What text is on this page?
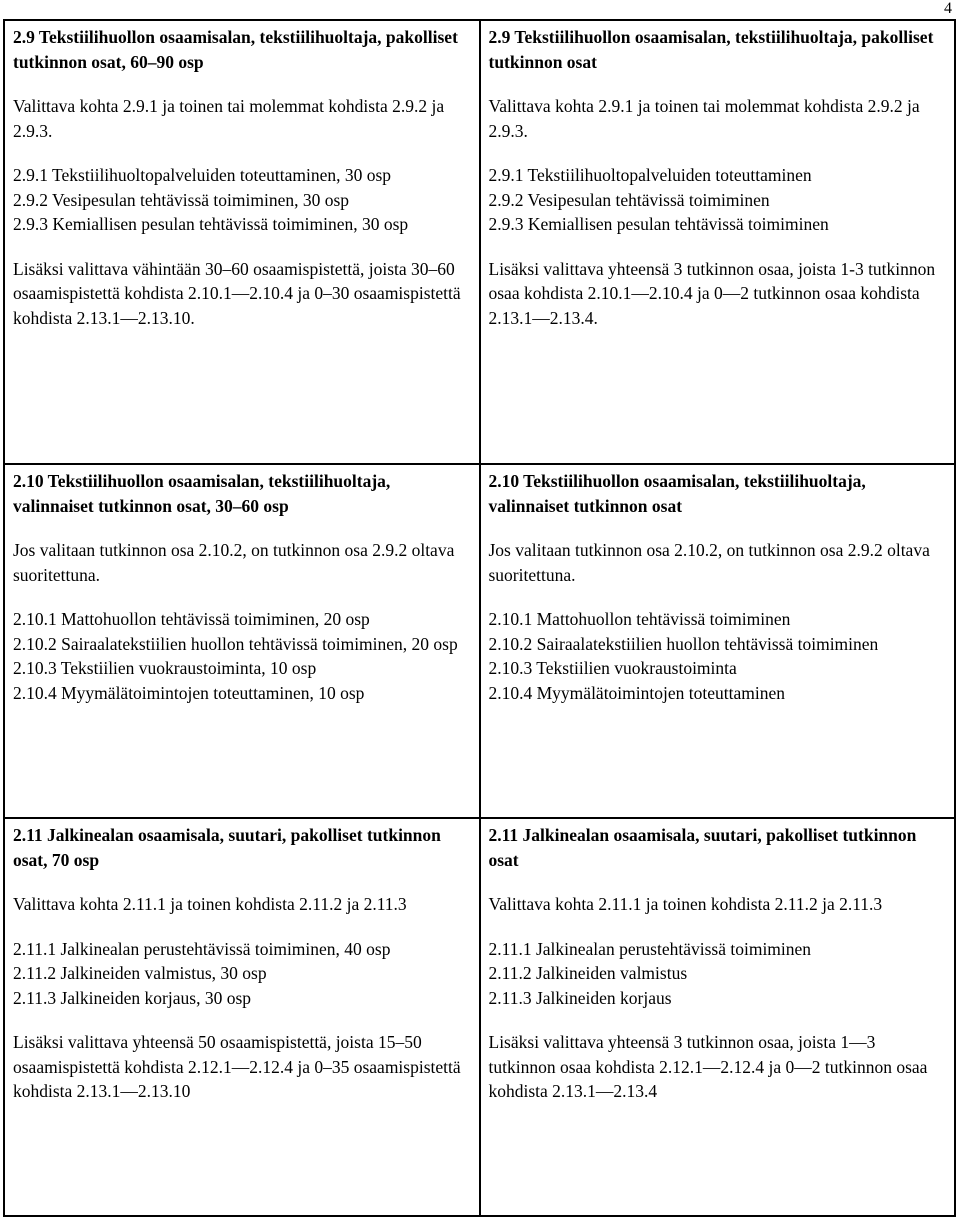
4
2.9 Tekstiilihuollon osaamisalan, tekstiilihuoltaja, pakolliset tutkinnon osat, 60–90 osp
Valittava kohta 2.9.1 ja toinen tai molemmat kohdista 2.9.2 ja 2.9.3.
2.9.1 Tekstiilihuoltopalveluiden toteuttaminen, 30 osp
2.9.2 Vesipesulan tehtävissä toimiminen, 30 osp
2.9.3 Kemiallisen pesulan tehtävissä toimiminen, 30 osp
Lisäksi valittava vähintään 30–60 osaamispistettä, joista 30–60 osaamispistettä kohdista 2.10.1—2.10.4 ja 0–30 osaamispistettä kohdista 2.13.1—2.13.10.
2.9 Tekstiilihuollon osaamisalan, tekstiilihuoltaja, pakolliset tutkinnon osat
Valittava kohta 2.9.1 ja toinen tai molemmat kohdista 2.9.2 ja 2.9.3.
2.9.1 Tekstiilihuoltopalveluiden toteuttaminen
2.9.2 Vesipesulan tehtävissä toimiminen
2.9.3 Kemiallisen pesulan tehtävissä toimiminen
Lisäksi valittava yhteensä 3 tutkinnon osaa, joista 1-3 tutkinnon osaa kohdista 2.10.1—2.10.4 ja 0—2 tutkinnon osaa kohdista 2.13.1—2.13.4.
2.10 Tekstiilihuollon osaamisalan, tekstiilihuoltaja, valinnaiset tutkinnon osat, 30–60 osp
Jos valitaan tutkinnon osa 2.10.2, on tutkinnon osa 2.9.2 oltava suoritettuna.
2.10.1 Mattohuollon tehtävissä toimiminen, 20 osp
2.10.2 Sairaalatekstiilien huollon tehtävissä toimiminen, 20 osp
2.10.3 Tekstiilien vuokraustoiminta, 10 osp
2.10.4 Myymälätoimintojen toteuttaminen, 10 osp
2.10 Tekstiilihuollon osaamisalan, tekstiilihuoltaja, valinnaiset tutkinnon osat
Jos valitaan tutkinnon osa 2.10.2, on tutkinnon osa 2.9.2 oltava suoritettuna.
2.10.1 Mattohuollon tehtävissä toimiminen
2.10.2 Sairaalatekstiilien huollon tehtävissä toimiminen
2.10.3 Tekstiilien vuokraustoiminta
2.10.4 Myymälätoimintojen toteuttaminen
2.11 Jalkinealan osaamisala, suutari, pakolliset tutkinnon osat, 70 osp
Valittava kohta 2.11.1 ja toinen kohdista 2.11.2 ja 2.11.3
2.11.1 Jalkinealan perustehtävissä toimiminen, 40 osp
2.11.2 Jalkineiden valmistus, 30 osp
2.11.3 Jalkineiden korjaus, 30 osp
Lisäksi valittava yhteensä 50 osaamispistettä, joista 15–50 osaamispistettä kohdista 2.12.1—2.12.4 ja 0–35 osaamispistettä kohdista 2.13.1—2.13.10
2.11 Jalkinealan osaamisala, suutari, pakolliset tutkinnon osat
Valittava kohta 2.11.1 ja toinen kohdista 2.11.2 ja 2.11.3
2.11.1 Jalkinealan perustehtävissä toimiminen
2.11.2 Jalkineiden valmistus
2.11.3 Jalkineiden korjaus
Lisäksi valittava yhteensä 3 tutkinnon osaa, joista 1—3 tutkinnon osaa kohdista 2.12.1—2.12.4 ja 0—2 tutkinnon osaa kohdista 2.13.1—2.13.4
